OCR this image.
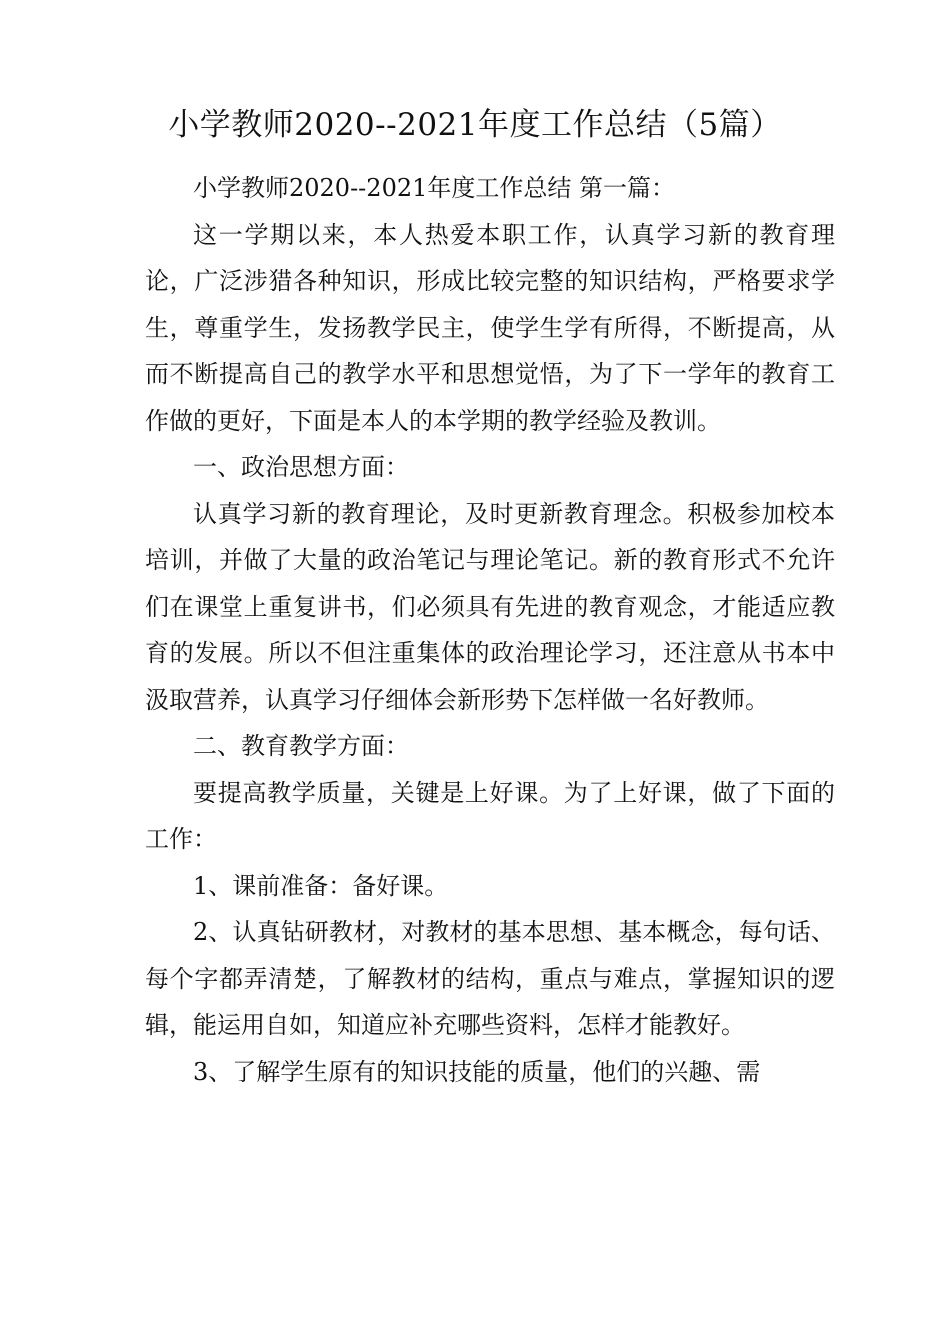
小学教师2020--2021年度工作总结（5篇）

小学教师2020--2021年度工作总结 第一篇：

这一学期以来，本人热爱本职工作，认真学习新的教育理论，广泛涉猎各种知识，形成比较完整的知识结构，严格要求学生，尊重学生，发扬教学民主，使学生学有所得，不断提高，从而不断提高自己的教学水平和思想觉悟，为了下一学年的教育工作做的更好，下面是本人的本学期的教学经验及教训。

一、政治思想方面：

认真学习新的教育理论，及时更新教育理念。积极参加校本培训，并做了大量的政治笔记与理论笔记。新的教育形式不允许们在课堂上重复讲书，们必须具有先进的教育观念，才能适应教育的发展。所以不但注重集体的政治理论学习，还注意从书本中汲取营养，认真学习仔细体会新形势下怎样做一名好教师。

二、教育教学方面：

要提高教学质量，关键是上好课。为了上好课，做了下面的工作：

1、课前准备：备好课。

2、认真钻研教材，对教材的基本思想、基本概念，每句话、每个字都弄清楚，了解教材的结构，重点与难点，掌握知识的逻辑，能运用自如，知道应补充哪些资料，怎样才能教好。

3、了解学生原有的知识技能的质量，他们的兴趣、需
